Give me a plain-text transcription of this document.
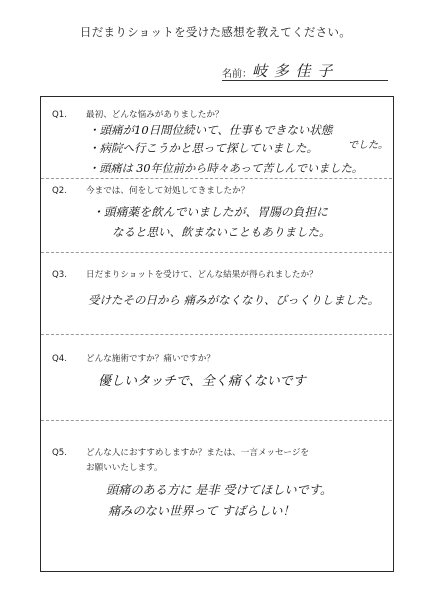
日だまりショットを受けた感想を教えてください。
名前： 岐 多 佳 子
Q1. 最初、どんな悩みがありましたか？
・頭痛が10日間位続いて、仕事もできない状態
でした。
・病院へ行こうかと思って探していました。
・頭痛は 30年位前から時々あって苦しんでいました。
Q2. 今までは、何をして対処してきましたか？
・頭痛薬を飲んでいましたが、胃腸の負担に
なると思い、飲まないこともありました。
Q3. 日だまりショットを受けて、どんな結果が得られましたか？
受けたその日から 痛みがなくなり、びっくりしました。
Q4. どんな施術ですか？痛いですか？
優しいタッチで、全く痛くないです
Q5. どんな人におすすめしますか？または、一言メッセージを
お願いいたします。
頭痛のある方に 是非 受けてほしいです。
痛みのない世界って すばらしい！
